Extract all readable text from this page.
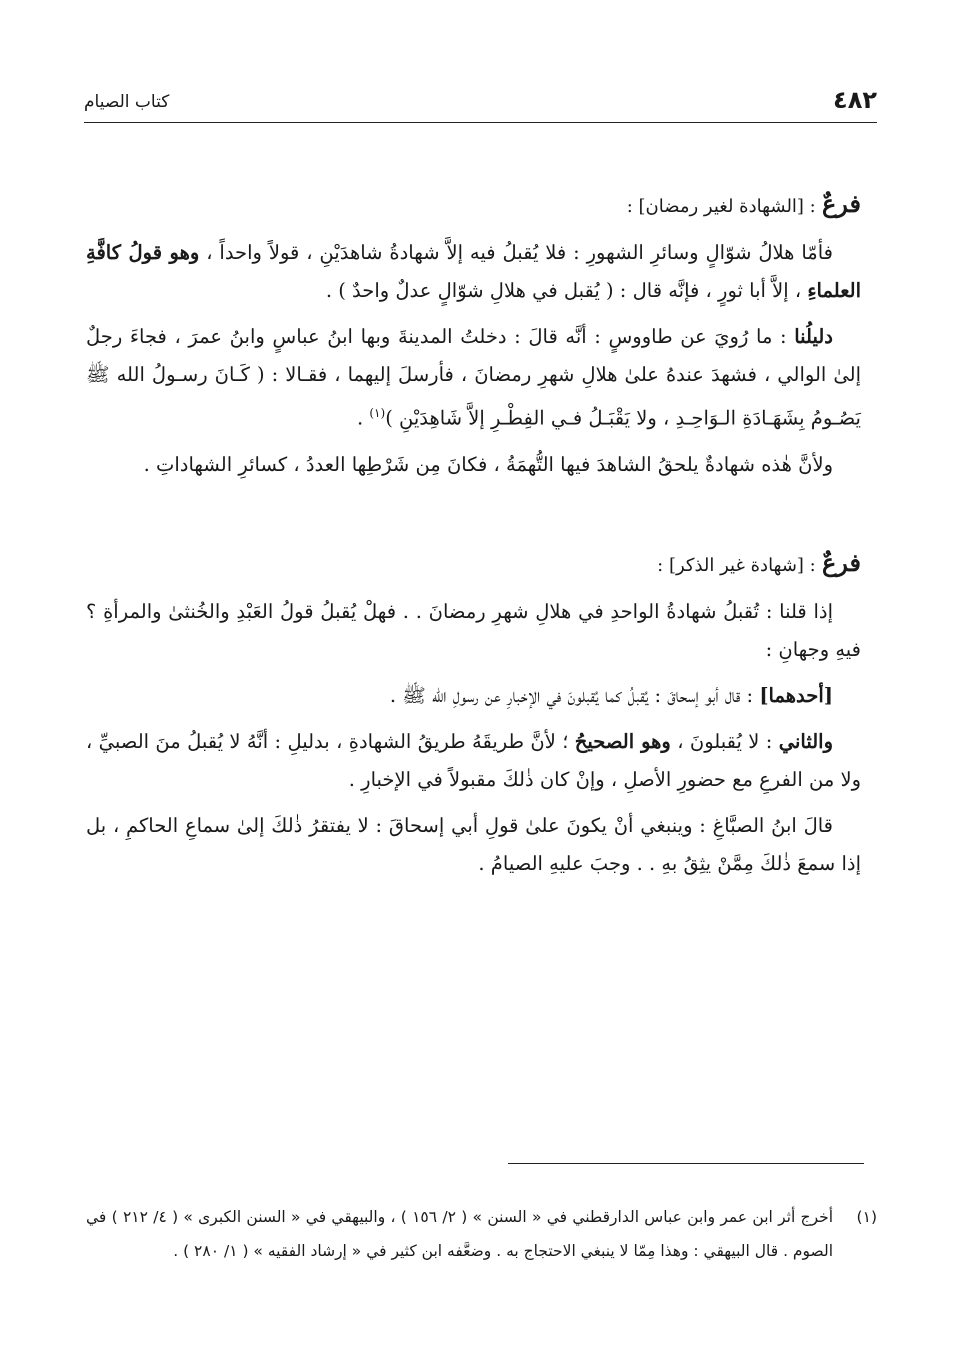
٤٨٢
كتاب الصيام
فرعٌ : [الشهادة لغير رمضان] :

فأمّا هلالُ شوّالٍ وسائرِ الشهورِ : فلا يُقبلُ فيه إلاَّ شهادةُ شاهدَيْنِ ، قولاً واحداً ، وهو قولُ كافَّةِ العلماءِ ، إلاَّ أبا ثورٍ ، فإنَّه قال : ( يُقبل في هلالِ شوّالٍ عدلٌ واحدٌ ) .

دليلُنا : ما رُويَ عن طاووسٍ : أنَّه قالَ : دخلتُ المدينةَ وبها ابنُ عباسٍ وابنُ عمرَ ، فجاءَ رجلٌ إلىٰ الوالي ، فشهدَ عندهُ علىٰ هلالِ شهرِ رمضانَ ، فأرسلَ إليهما ، فقـالا : ( كَـانَ رسـولُ الله ﷺ يَصُـومُ بِشَهَـادَةِ الـوَاحِـدِ ، ولا يَقْبَـلُ فـي الفِطْـرِ إلاَّ شَاهِدَيْنِ )$^{(١)}$ .

ولأنَّ هٰذه شهادةٌ يلحقُ الشاهدَ فيها التُّهمَةُ ، فكانَ مِن شَرْطِها العددُ ، كسائرِ الشهاداتِ .

فرعٌ : [شهادة غير الذكر] :

إذا قلنا : تُقبلُ شهادةُ الواحدِ في هلالِ شهرِ رمضانَ . . فهلْ يُقبلُ قولُ العَبْدِ والخُنثىٰ والمرأةِ ؟ فيهِ وجهانِ :

[أحدهما] : قال أبو إسحاقَ : يُقبلُ كما يُقبلونَ في الإخبارِ عن رسولِ الله ﷺ .

والثاني : لا يُقبلونَ ، وهو الصحيحُ ؛ لأنَّ طريقَهُ طريقُ الشهادةِ ، بدليلِ : أنَّهُ لا يُقبلُ منَ الصبيِّ ، ولا من الفرعِ مع حضورِ الأصلِ ، وإنْ كان ذٰلكَ مقبولاً في الإخبارِ .

قالَ ابنُ الصبَّاغِ : وينبغي أنْ يكونَ علىٰ قولِ أبي إسحاقَ : لا يفتقرُ ذٰلكَ إلىٰ سماعِ الحاكمِ ، بل إذا سمعَ ذٰلكَ مِمَّنْ يثِقُ بهِ . . وجبَ عليهِ الصيامُ .

(١)
أخرج أثر ابن عمر وابن عباس الدارقطني في « السنن » ( ٢/ ١٥٦ ) ، والبيهقي في « السنن الكبرى » ( ٤/ ٢١٢ ) في الصوم . قال البيهقي : وهذا مِمّا لا ينبغي الاحتجاج به . وضعَّفه ابن كثير في « إرشاد الفقيه » ( ١/ ٢٨٠ ) .
